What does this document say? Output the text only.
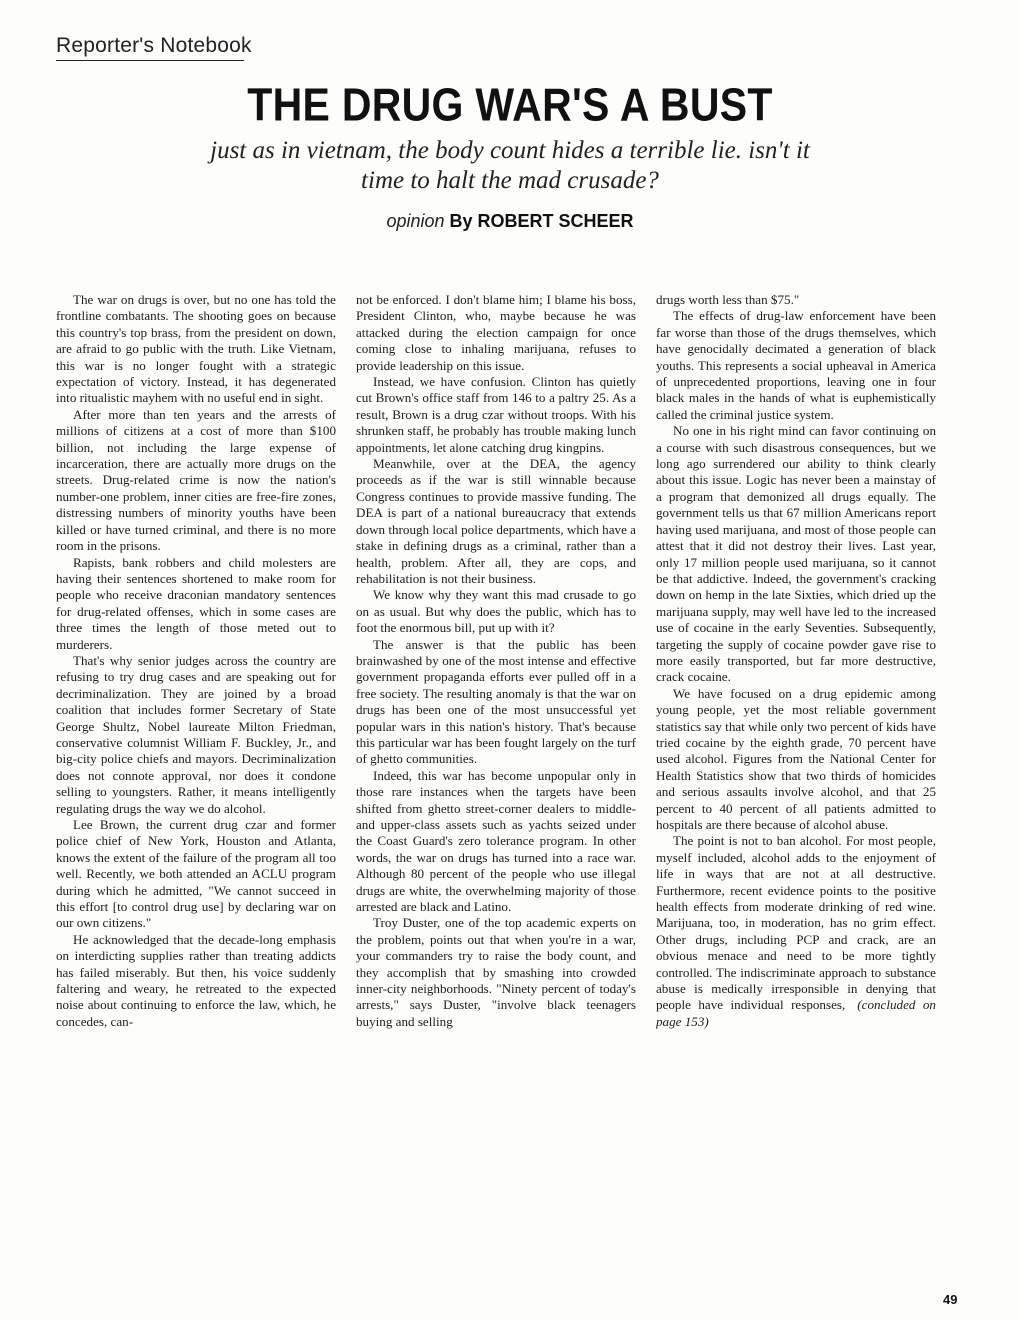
Reporter's Notebook
THE DRUG WAR'S A BUST

just as in vietnam, the body count hides a terrible lie. isn't it time to halt the mad crusade?

opinion By ROBERT SCHEER

The war on drugs is over, but no one has told the frontline combatants. The shooting goes on because this country's top brass, from the president on down, are afraid to go public with the truth. Like Vietnam, this war is no longer fought with a strategic expectation of victory. Instead, it has degenerated into ritualistic mayhem with no useful end in sight.

After more than ten years and the arrests of millions of citizens at a cost of more than $100 billion, not including the large expense of incarceration, there are actually more drugs on the streets. Drug-related crime is now the nation's number-one problem, inner cities are free-fire zones, distressing numbers of minority youths have been killed or have turned criminal, and there is no more room in the prisons.

Rapists, bank robbers and child molesters are having their sentences shortened to make room for people who receive draconian mandatory sentences for drug-related offenses, which in some cases are three times the length of those meted out to murderers.

That's why senior judges across the country are refusing to try drug cases and are speaking out for decriminalization. They are joined by a broad coalition that includes former Secretary of State George Shultz, Nobel laureate Milton Friedman, conservative columnist William F. Buckley, Jr., and big-city police chiefs and mayors. Decriminalization does not connote approval, nor does it condone selling to youngsters. Rather, it means intelligently regulating drugs the way we do alcohol.

Lee Brown, the current drug czar and former police chief of New York, Houston and Atlanta, knows the extent of the failure of the program all too well. Recently, we both attended an ACLU program during which he admitted, "We cannot succeed in this effort [to control drug use] by declaring war on our own citizens."

He acknowledged that the decade-long emphasis on interdicting supplies rather than treating addicts has failed miserably. But then, his voice suddenly faltering and weary, he retreated to the expected noise about continuing to enforce the law, which, he concedes, can-

not be enforced. I don't blame him; I blame his boss, President Clinton, who, maybe because he was attacked during the election campaign for once coming close to inhaling marijuana, refuses to provide leadership on this issue.

Instead, we have confusion. Clinton has quietly cut Brown's office staff from 146 to a paltry 25. As a result, Brown is a drug czar without troops. With his shrunken staff, he probably has trouble making lunch appointments, let alone catching drug kingpins.

Meanwhile, over at the DEA, the agency proceeds as if the war is still winnable because Congress continues to provide massive funding. The DEA is part of a national bureaucracy that extends down through local police departments, which have a stake in defining drugs as a criminal, rather than a health, problem. After all, they are cops, and rehabilitation is not their business.

We know why they want this mad crusade to go on as usual. But why does the public, which has to foot the enormous bill, put up with it?

The answer is that the public has been brainwashed by one of the most intense and effective government propaganda efforts ever pulled off in a free society. The resulting anomaly is that the war on drugs has been one of the most unsuccessful yet popular wars in this nation's history. That's because this particular war has been fought largely on the turf of ghetto communities.

Indeed, this war has become unpopular only in those rare instances when the targets have been shifted from ghetto street-corner dealers to middle- and upper-class assets such as yachts seized under the Coast Guard's zero tolerance program. In other words, the war on drugs has turned into a race war. Although 80 percent of the people who use illegal drugs are white, the overwhelming majority of those arrested are black and Latino.

Troy Duster, one of the top academic experts on the problem, points out that when you're in a war, your commanders try to raise the body count, and they accomplish that by smashing into crowded inner-city neighborhoods. "Ninety percent of today's arrests," says Duster, "involve black teenagers buying and selling

drugs worth less than $75."

The effects of drug-law enforcement have been far worse than those of the drugs themselves, which have genocidally decimated a generation of black youths. This represents a social upheaval in America of unprecedented proportions, leaving one in four black males in the hands of what is euphemistically called the criminal justice system.

No one in his right mind can favor continuing on a course with such disastrous consequences, but we long ago surrendered our ability to think clearly about this issue. Logic has never been a mainstay of a program that demonized all drugs equally. The government tells us that 67 million Americans report having used marijuana, and most of those people can attest that it did not destroy their lives. Last year, only 17 million people used marijuana, so it cannot be that addictive. Indeed, the government's cracking down on hemp in the late Sixties, which dried up the marijuana supply, may well have led to the increased use of cocaine in the early Seventies. Subsequently, targeting the supply of cocaine powder gave rise to more easily transported, but far more destructive, crack cocaine.

We have focused on a drug epidemic among young people, yet the most reliable government statistics say that while only two percent of kids have tried cocaine by the eighth grade, 70 percent have used alcohol. Figures from the National Center for Health Statistics show that two thirds of homicides and serious assaults involve alcohol, and that 25 percent to 40 percent of all patients admitted to hospitals are there because of alcohol abuse.

The point is not to ban alcohol. For most people, myself included, alcohol adds to the enjoyment of life in ways that are not at all destructive. Furthermore, recent evidence points to the positive health effects from moderate drinking of red wine. Marijuana, too, in moderation, has no grim effect. Other drugs, including PCP and crack, are an obvious menace and need to be more tightly controlled. The indiscriminate approach to substance abuse is medically irresponsible in denying that people have individual responses, (concluded on page 153)

49
